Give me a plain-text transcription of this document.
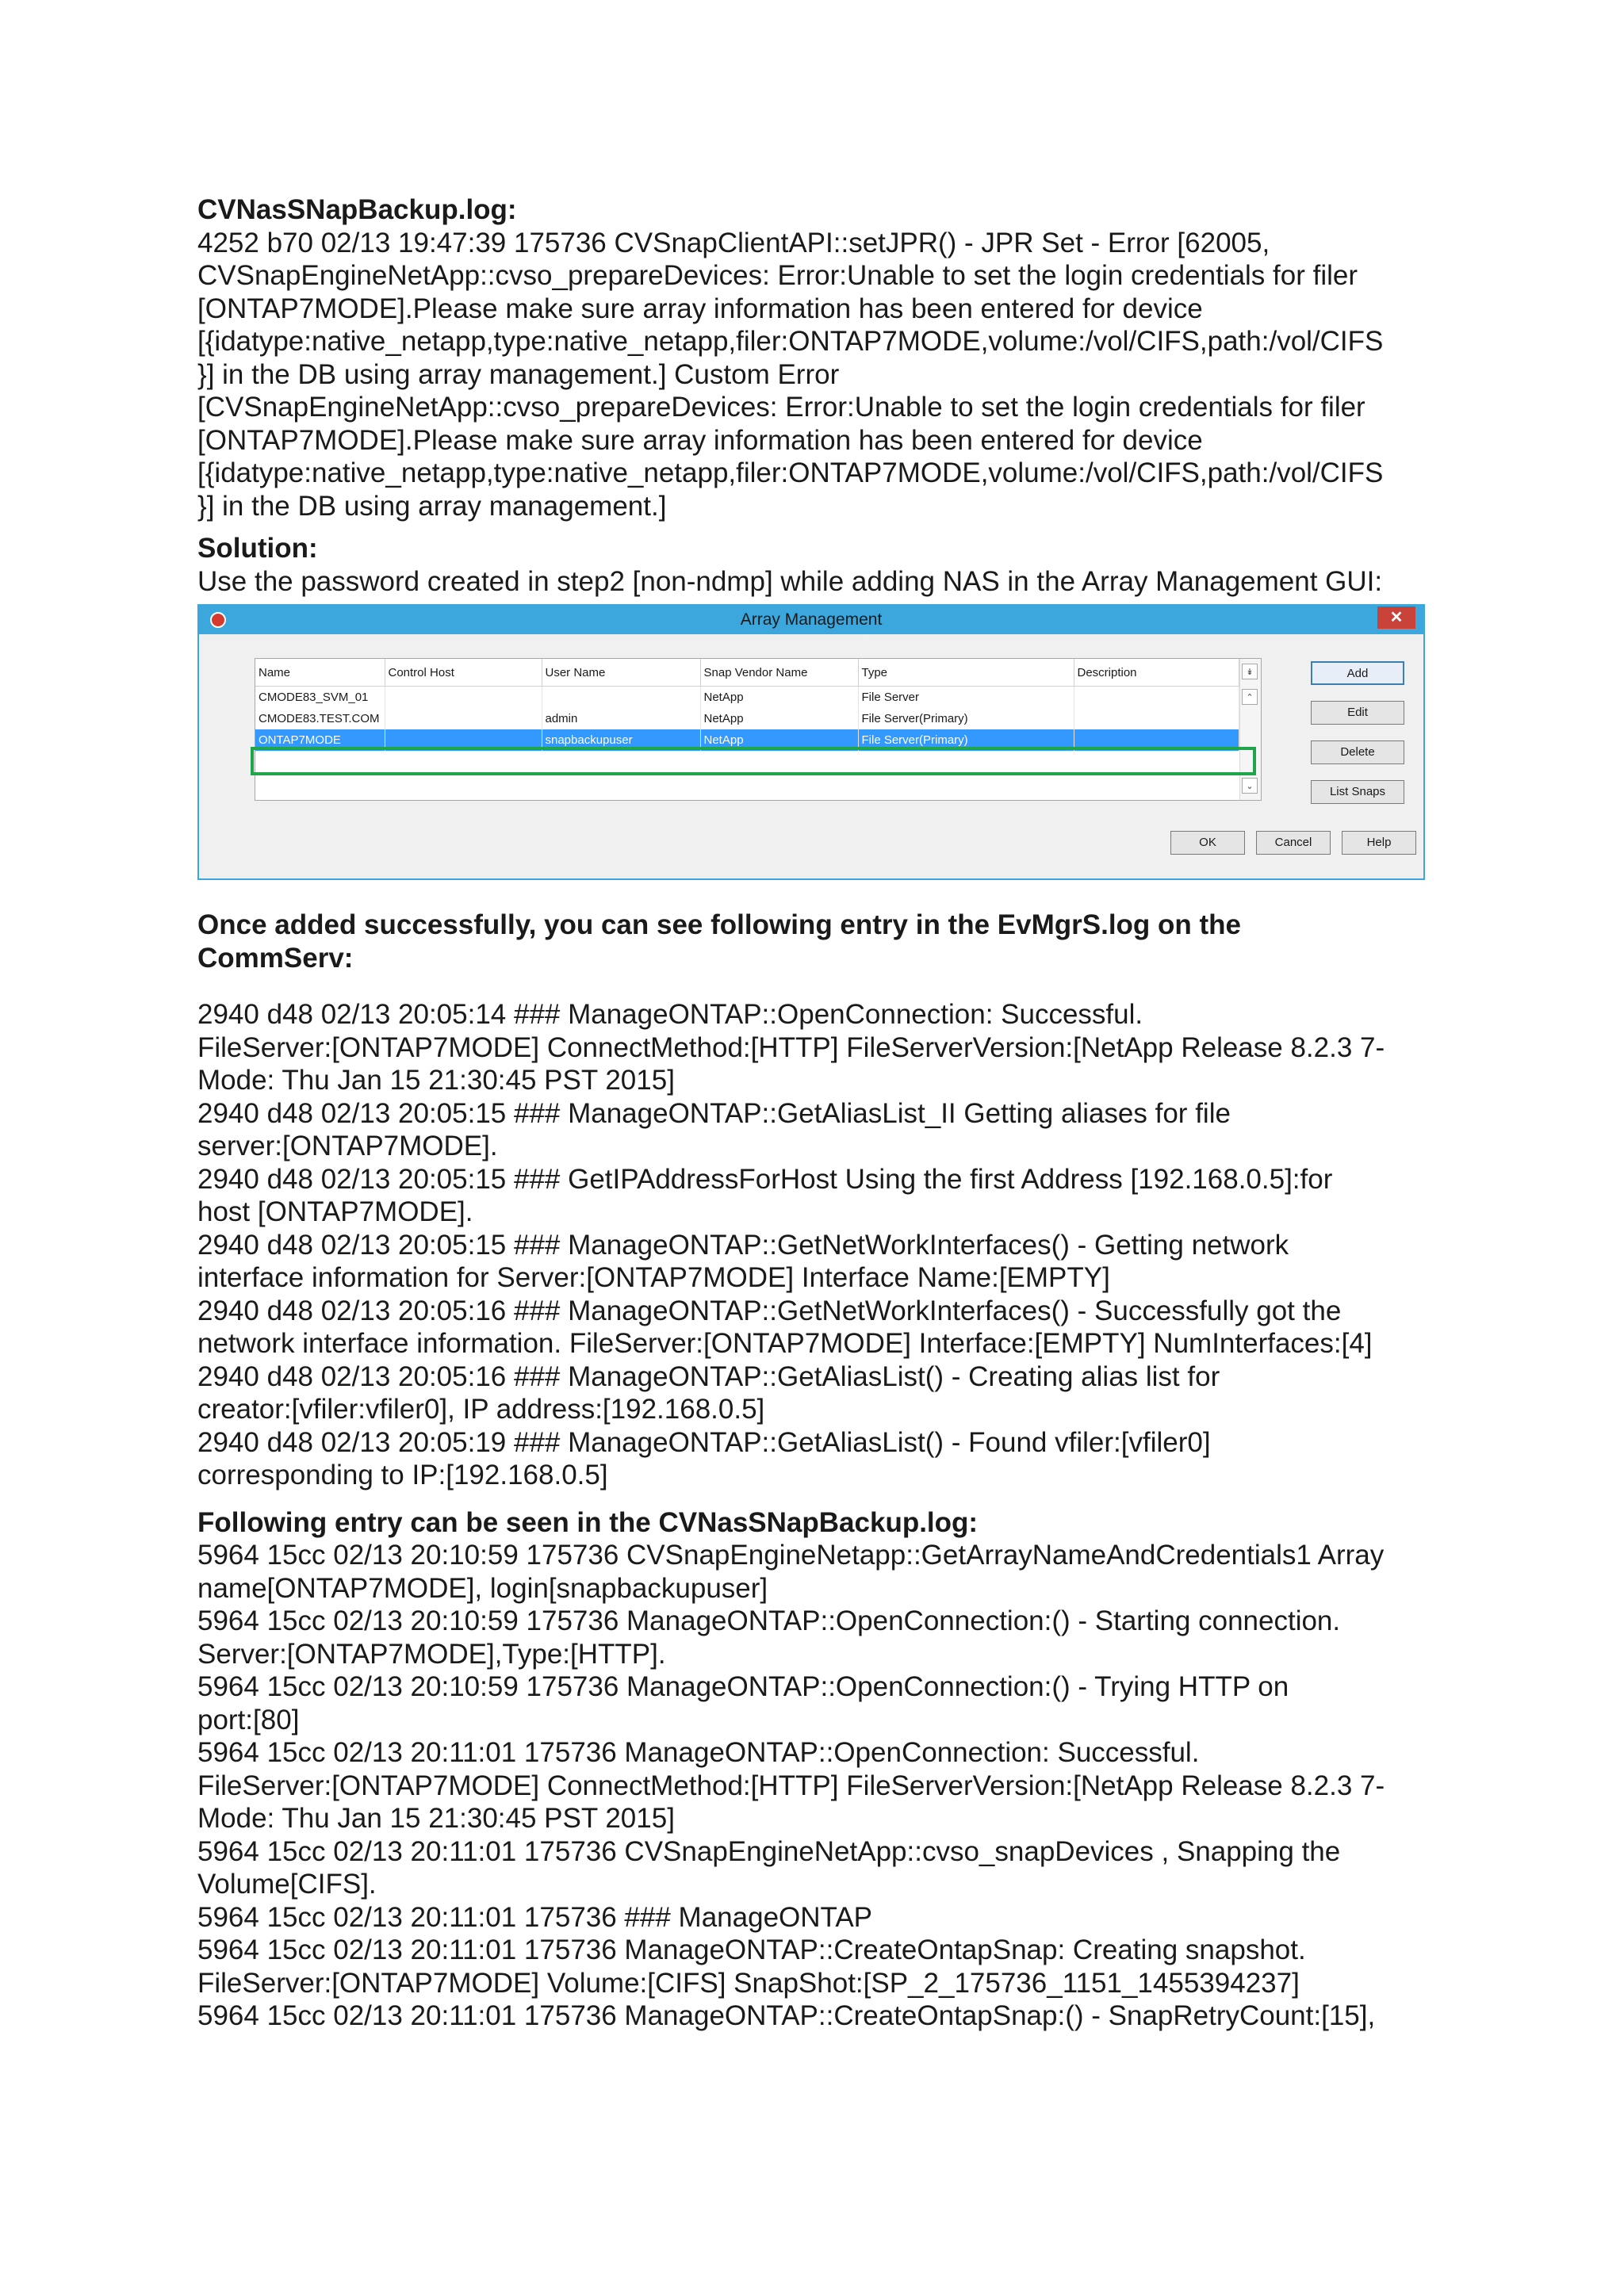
CVNasSNapBackup.log:

4252 b70 02/13 19:47:39 175736 CVSnapClientAPI::setJPR() - JPR Set - Error [62005,

CVSnapEngineNetApp::cvso_prepareDevices: Error:Unable to set the login credentials for filer

[ONTAP7MODE].Please make sure array information has been entered for device

[{idatype:native_netapp,type:native_netapp,filer:ONTAP7MODE,volume:/vol/CIFS,path:/vol/CIFS

}] in the DB using array management.] Custom Error

[CVSnapEngineNetApp::cvso_prepareDevices: Error:Unable to set the login credentials for filer

[ONTAP7MODE].Please make sure array information has been entered for device

[{idatype:native_netapp,type:native_netapp,filer:ONTAP7MODE,volume:/vol/CIFS,path:/vol/CIFS

}] in the DB using array management.]

Solution:

Use the password created in step2 [non-ndmp] while adding NAS in the Array Management GUI:

Array Management	✕
Name	Control Host	User Name	Snap Vendor Name	Type	Description
CMODE83_SVM_01			NetApp	File Server	
CMODE83.TEST.COM		admin	NetApp	File Server(Primary)	
ONTAP7MODE		snapbackupuser	NetApp	File Server(Primary)	
↡
⌃
⌄
Add
Edit
Delete
List Snaps
OK	Cancel	Help

Once added successfully, you can see following entry in the EvMgrS.log on the

CommServ:

2940 d48 02/13 20:05:14 ### ManageONTAP::OpenConnection: Successful.

FileServer:[ONTAP7MODE] ConnectMethod:[HTTP] FileServerVersion:[NetApp Release 8.2.3 7-

Mode: Thu Jan 15 21:30:45 PST 2015]

2940 d48 02/13 20:05:15 ### ManageONTAP::GetAliasList_II Getting aliases for file

server:[ONTAP7MODE].

2940 d48 02/13 20:05:15 ### GetIPAddressForHost Using the first Address [192.168.0.5]:for

host [ONTAP7MODE].

2940 d48 02/13 20:05:15 ### ManageONTAP::GetNetWorkInterfaces() - Getting network

interface information for Server:[ONTAP7MODE] Interface Name:[EMPTY]

2940 d48 02/13 20:05:16 ### ManageONTAP::GetNetWorkInterfaces() - Successfully got the

network interface information. FileServer:[ONTAP7MODE] Interface:[EMPTY] NumInterfaces:[4]

2940 d48 02/13 20:05:16 ### ManageONTAP::GetAliasList() - Creating alias list for

creator:[vfiler:vfiler0], IP address:[192.168.0.5]

2940 d48 02/13 20:05:19 ### ManageONTAP::GetAliasList() - Found vfiler:[vfiler0]

corresponding to IP:[192.168.0.5]

Following entry can be seen in the CVNasSNapBackup.log:

5964 15cc 02/13 20:10:59 175736 CVSnapEngineNetapp::GetArrayNameAndCredentials1 Array

name[ONTAP7MODE], login[snapbackupuser]

5964 15cc 02/13 20:10:59 175736 ManageONTAP::OpenConnection:() - Starting connection.

Server:[ONTAP7MODE],Type:[HTTP].

5964 15cc 02/13 20:10:59 175736 ManageONTAP::OpenConnection:() - Trying HTTP on

port:[80]

5964 15cc 02/13 20:11:01 175736 ManageONTAP::OpenConnection: Successful.

FileServer:[ONTAP7MODE] ConnectMethod:[HTTP] FileServerVersion:[NetApp Release 8.2.3 7-

Mode: Thu Jan 15 21:30:45 PST 2015]

5964 15cc 02/13 20:11:01 175736 CVSnapEngineNetApp::cvso_snapDevices , Snapping the

Volume[CIFS].

5964 15cc 02/13 20:11:01 175736 ### ManageONTAP

5964 15cc 02/13 20:11:01 175736 ManageONTAP::CreateOntapSnap: Creating snapshot.

FileServer:[ONTAP7MODE] Volume:[CIFS] SnapShot:[SP_2_175736_1151_1455394237]

5964 15cc 02/13 20:11:01 175736 ManageONTAP::CreateOntapSnap:() - SnapRetryCount:[15],
